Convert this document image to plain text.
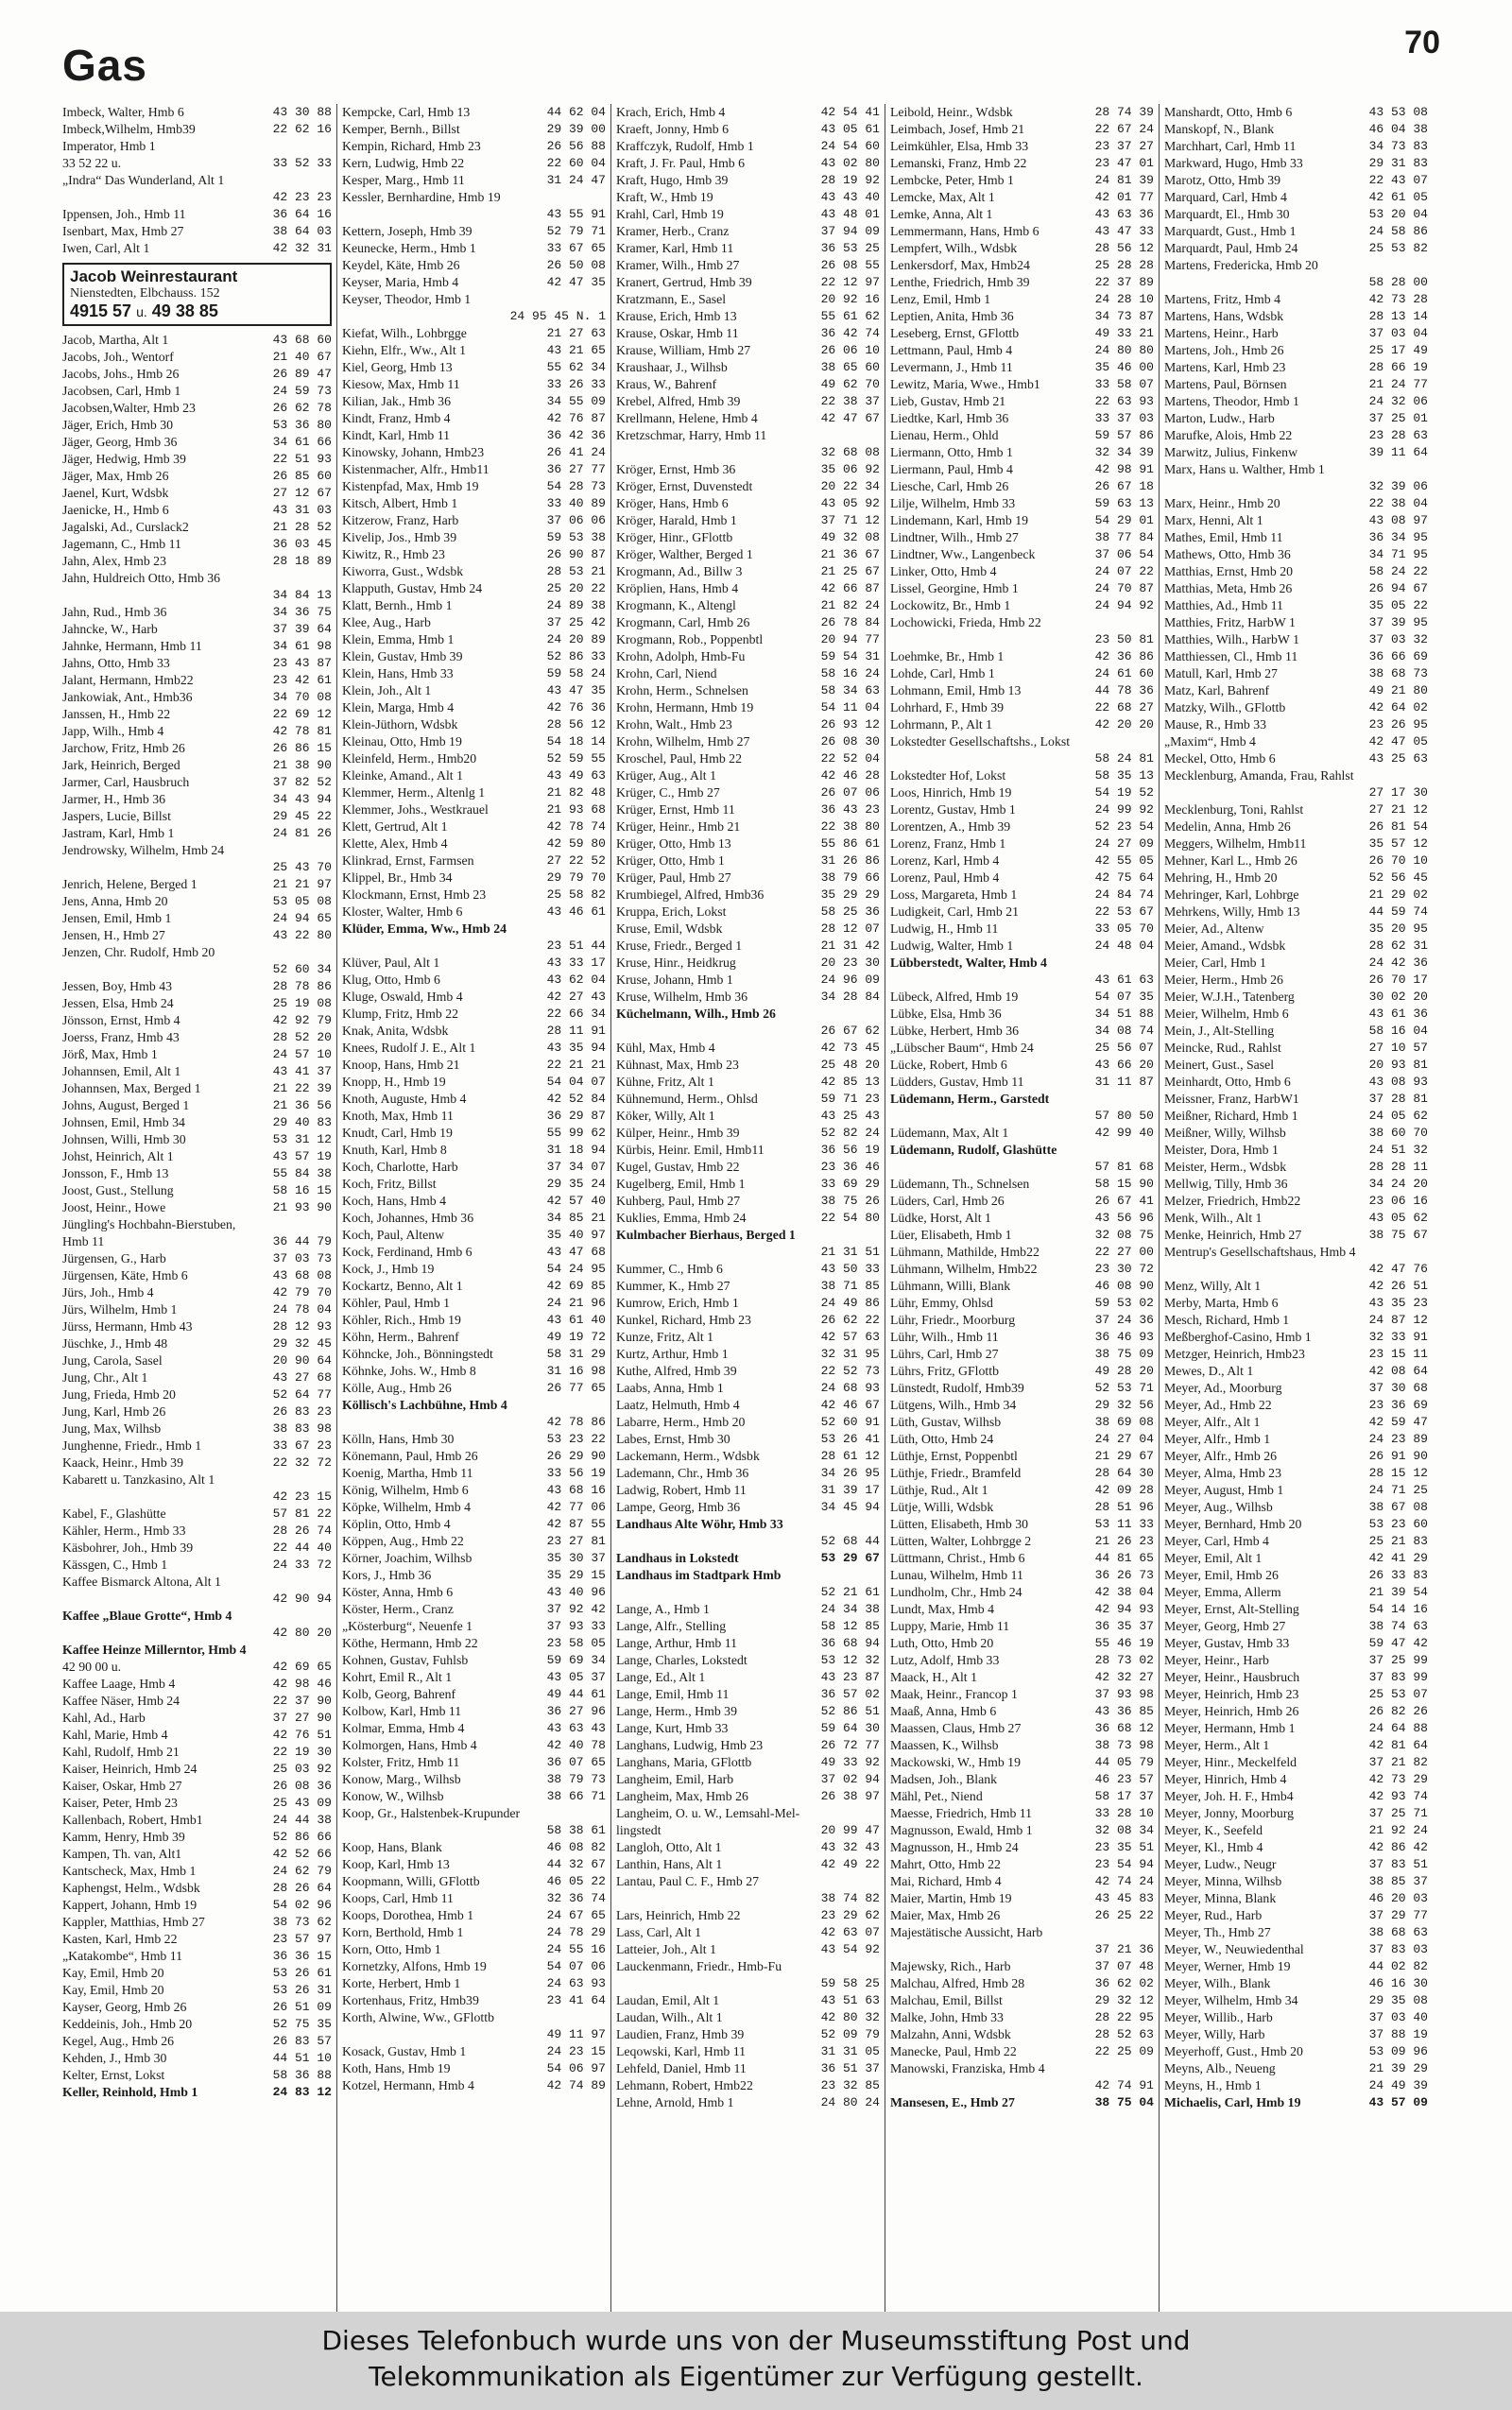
Gas	70
Imbeck, Walter, Hmb 6	43 30 88
Imbeck,Wilhelm, Hmb39	22 62 16
Imperator, Hmb 1
33 52 22 u.	33 52 33
„Indra“ Das Wunderland, Alt 1
42 23 23
Ippensen, Joh., Hmb 11	36 64 16
Isenbart, Max, Hmb 27	38 64 03
Iwen, Carl, Alt 1	42 32 31
Jacob Weinrestaurant
Nienstedten, Elbchauss. 152
4915 57 u. 49 38 85
Jacob, Martha, Alt 1	43 68 60
Jacobs, Joh., Wentorf	21 40 67
Jacobs, Johs., Hmb 26	26 89 47
Jacobsen, Carl, Hmb 1	24 59 73
Jacobsen,Walter, Hmb 23	26 62 78
Jäger, Erich, Hmb 30	53 36 80
Jäger, Georg, Hmb 36	34 61 66
Jäger, Hedwig, Hmb 39	22 51 93
Jäger, Max, Hmb 26	26 85 60
Jaenel, Kurt, Wdsbk	27 12 67
Jaenicke, H., Hmb 6	43 31 03
Jagalski, Ad., Curslack2	21 28 52
Jagemann, C., Hmb 11	36 03 45
Jahn, Alex, Hmb 23	28 18 89
Jahn, Huldreich Otto, Hmb 36
34 84 13
Jahn, Rud., Hmb 36	34 36 75
Jahncke, W., Harb	37 39 64
Jahnke, Hermann, Hmb 11	34 61 98
Jahns, Otto, Hmb 33	23 43 87
Jalant, Hermann, Hmb22	23 42 61
Jankowiak, Ant., Hmb36	34 70 08
Janssen, H., Hmb 22	22 69 12
Japp, Wilh., Hmb 4	42 78 81
Jarchow, Fritz, Hmb 26	26 86 15
Jark, Heinrich, Berged	21 38 90
Jarmer, Carl, Hausbruch	37 82 52
Jarmer, H., Hmb 36	34 43 94
Jaspers, Lucie, Billst	29 45 22
Jastram, Karl, Hmb 1	24 81 26
Jendrowsky, Wilhelm, Hmb 24
25 43 70
Jenrich, Helene, Berged 1	21 21 97
Jens, Anna, Hmb 20	53 05 08
Jensen, Emil, Hmb 1	24 94 65
Jensen, H., Hmb 27	43 22 80
Jenzen, Chr. Rudolf, Hmb 20
52 60 34
Jessen, Boy, Hmb 43	28 78 86
Jessen, Elsa, Hmb 24	25 19 08
Jönsson, Ernst, Hmb 4	42 92 79
Joerss, Franz, Hmb 43	28 52 20
Jörß, Max, Hmb 1	24 57 10
Johannsen, Emil, Alt 1	43 41 37
Johannsen, Max, Berged 1	21 22 39
Johns, August, Berged 1	21 36 56
Johnsen, Emil, Hmb 34	29 40 83
Johnsen, Willi, Hmb 30	53 31 12
Johst, Heinrich, Alt 1	43 57 19
Jonsson, F., Hmb 13	55 84 38
Joost, Gust., Stellung	58 16 15
Joost, Heinr., Howe	21 93 90
Jüngling's Hochbahn-Bierstuben,
Hmb 11	36 44 79
Jürgensen, G., Harb	37 03 73
Jürgensen, Käte, Hmb 6	43 68 08
Jürs, Joh., Hmb 4	42 79 70
Jürs, Wilhelm, Hmb 1	24 78 04
Jürss, Hermann, Hmb 43	28 12 93
Jüschke, J., Hmb 48	29 32 45
Jung, Carola, Sasel	20 90 64
Jung, Chr., Alt 1	43 27 68
Jung, Frieda, Hmb 20	52 64 77
Jung, Karl, Hmb 26	26 83 23
Jung, Max, Wilhsb	38 83 98
Junghenne, Friedr., Hmb 1	33 67 23
Kaack, Heinr., Hmb 39	22 32 72
Kabarett u. Tanzkasino, Alt 1
42 23 15
Kabel, F., Glashütte	57 81 22
Kähler, Herm., Hmb 33	28 26 74
Käsbohrer, Joh., Hmb 39	22 44 40
Kässgen, C., Hmb 1	24 33 72
Kaffee Bismarck Altona, Alt 1
42 90 94
Kaffee „Blaue Grotte“, Hmb 4
42 80 20
Kaffee Heinze Millerntor, Hmb 4
42 90 00 u.	42 69 65
Kaffee Laage, Hmb 4	42 98 46
Kaffee Näser, Hmb 24	22 37 90
Kahl, Ad., Harb	37 27 90
Kahl, Marie, Hmb 4	42 76 51
Kahl, Rudolf, Hmb 21	22 19 30
Kaiser, Heinrich, Hmb 24	25 03 92
Kaiser, Oskar, Hmb 27	26 08 36
Kaiser, Peter, Hmb 23	25 43 09
Kallenbach, Robert, Hmb1	24 44 38
Kamm, Henry, Hmb 39	52 86 66
Kampen, Th. van, Alt1	42 52 66
Kantscheck, Max, Hmb 1	24 62 79
Kaphengst, Helm., Wdsbk	28 26 64
Kappert, Johann, Hmb 19	54 02 96
Kappler, Matthias, Hmb 27	38 73 62
Kasten, Karl, Hmb 22	23 57 97
„Katakombe“, Hmb 11	36 36 15
Kay, Emil, Hmb 20	53 26 61
Kay, Emil, Hmb 20	53 26 31
Kayser, Georg, Hmb 26	26 51 09
Keddeinis, Joh., Hmb 20	52 75 35
Kegel, Aug., Hmb 26	26 83 57
Kehden, J., Hmb 30	44 51 10
Kelter, Ernst, Lokst	58 36 88
Keller, Reinhold, Hmb 1	24 83 12
Kempcke, Carl, Hmb 13	44 62 04
Kemper, Bernh., Billst	29 39 00
Kempin, Richard, Hmb 23	26 56 88
Kern, Ludwig, Hmb 22	22 60 04
Kesper, Marg., Hmb 11	31 24 47
Kessler, Bernhardine, Hmb 19
43 55 91
Kettern, Joseph, Hmb 39	52 79 71
Keunecke, Herm., Hmb 1	33 67 65
Keydel, Käte, Hmb 26	26 50 08
Keyser, Maria, Hmb 4	42 47 35
Keyser, Theodor, Hmb 1
24 95 45 N. 1
Kiefat, Wilh., Lohbrgge	21 27 63
Kiehn, Elfr., Ww., Alt 1	43 21 65
Kiel, Georg, Hmb 13	55 62 34
Kiesow, Max, Hmb 11	33 26 33
Kilian, Jak., Hmb 36	34 55 09
Kindt, Franz, Hmb 4	42 76 87
Kindt, Karl, Hmb 11	36 42 36
Kinowsky, Johann, Hmb23	26 41 24
Kistenmacher, Alfr., Hmb11	36 27 77
Kistenpfad, Max, Hmb 19	54 28 73
Kitsch, Albert, Hmb 1	33 40 89
Kitzerow, Franz, Harb	37 06 06
Kivelip, Jos., Hmb 39	59 53 38
Kiwitz, R., Hmb 23	26 90 87
Kiworra, Gust., Wdsbk	28 53 21
Klapputh, Gustav, Hmb 24	25 20 22
Klatt, Bernh., Hmb 1	24 89 38
Klee, Aug., Harb	37 25 42
Klein, Emma, Hmb 1	24 20 89
Klein, Gustav, Hmb 39	52 86 33
Klein, Hans, Hmb 33	59 58 24
Klein, Joh., Alt 1	43 47 35
Klein, Marga, Hmb 4	42 76 36
Klein-Jüthorn, Wdsbk	28 56 12
Kleinau, Otto, Hmb 19	54 18 14
Kleinfeld, Herm., Hmb20	52 59 55
Kleinke, Amand., Alt 1	43 49 63
Klemmer, Herm., Altenlg 1	21 82 48
Klemmer, Johs., Westkrauel	21 93 68
Klett, Gertrud, Alt 1	42 78 74
Klette, Alex, Hmb 4	42 59 80
Klinkrad, Ernst, Farmsen	27 22 52
Klippel, Br., Hmb 34	29 79 70
Klockmann, Ernst, Hmb 23	25 58 82
Kloster, Walter, Hmb 6	43 46 61
Klüder, Emma, Ww., Hmb 24
23 51 44
Klüver, Paul, Alt 1	43 33 17
Klug, Otto, Hmb 6	43 62 04
Kluge, Oswald, Hmb 4	42 27 43
Klump, Fritz, Hmb 22	22 66 34
Knak, Anita, Wdsbk	28 11 91
Knees, Rudolf J. E., Alt 1	43 35 94
Knoop, Hans, Hmb 21	22 21 21
Knopp, H., Hmb 19	54 04 07
Knoth, Auguste, Hmb 4	42 52 84
Knoth, Max, Hmb 11	36 29 87
Knudt, Carl, Hmb 19	55 99 62
Knuth, Karl, Hmb 8	31 18 94
Koch, Charlotte, Harb	37 34 07
Koch, Fritz, Billst	29 35 24
Koch, Hans, Hmb 4	42 57 40
Koch, Johannes, Hmb 36	34 85 21
Koch, Paul, Altenw	35 40 97
Kock, Ferdinand, Hmb 6	43 47 68
Kock, J., Hmb 19	54 24 95
Kockartz, Benno, Alt 1	42 69 85
Köhler, Paul, Hmb 1	24 21 96
Köhler, Rich., Hmb 19	43 61 40
Köhn, Herm., Bahrenf	49 19 72
Köhncke, Joh., Bönningstedt	58 31 29
Köhnke, Johs. W., Hmb 8	31 16 98
Kölle, Aug., Hmb 26	26 77 65
Köllisch's Lachbühne, Hmb 4
42 78 86
Kölln, Hans, Hmb 30	53 23 22
Könemann, Paul, Hmb 26	26 29 90
Koenig, Martha, Hmb 11	33 56 19
König, Wilhelm, Hmb 6	43 68 16
Köpke, Wilhelm, Hmb 4	42 77 06
Köplin, Otto, Hmb 4	42 87 55
Köppen, Aug., Hmb 22	23 27 81
Körner, Joachim, Wilhsb	35 30 37
Kors, J., Hmb 36	35 29 15
Köster, Anna, Hmb 6	43 40 96
Köster, Herm., Cranz	37 92 42
„Kösterburg“, Neuenfe 1	37 93 33
Köthe, Hermann, Hmb 22	23 58 05
Kohnen, Gustav, Fuhlsb	59 69 34
Kohrt, Emil R., Alt 1	43 05 37
Kolb, Georg, Bahrenf	49 44 61
Kolbow, Karl, Hmb 11	36 27 96
Kolmar, Emma, Hmb 4	43 63 43
Kolmorgen, Hans, Hmb 4	42 40 78
Kolster, Fritz, Hmb 11	36 07 65
Konow, Marg., Wilhsb	38 79 73
Konow, W., Wilhsb	38 66 71
Koop, Gr., Halstenbek-Krupunder
58 38 61
Koop, Hans, Blank	46 08 82
Koop, Karl, Hmb 13	44 32 67
Koopmann, Willi, GFlottb	46 05 22
Koops, Carl, Hmb 11	32 36 74
Koops, Dorothea, Hmb 1	24 67 65
Korn, Berthold, Hmb 1	24 78 29
Korn, Otto, Hmb 1	24 55 16
Kornetzky, Alfons, Hmb 19	54 07 06
Korte, Herbert, Hmb 1	24 63 93
Kortenhaus, Fritz, Hmb39	23 41 64
Korth, Alwine, Ww., GFlottb
49 11 97
Kosack, Gustav, Hmb 1	24 23 15
Koth, Hans, Hmb 19	54 06 97
Kotzel, Hermann, Hmb 4	42 74 89
Krach, Erich, Hmb 4	42 54 41
Kraeft, Jonny, Hmb 6	43 05 61
Kraffczyk, Rudolf, Hmb 1	24 54 60
Kraft, J. Fr. Paul, Hmb 6	43 02 80
Kraft, Hugo, Hmb 39	28 19 92
Kraft, W., Hmb 19	43 43 40
Krahl, Carl, Hmb 19	43 48 01
Kramer, Herb., Cranz	37 94 09
Kramer, Karl, Hmb 11	36 53 25
Kramer, Wilh., Hmb 27	26 08 55
Kranert, Gertrud, Hmb 39	22 12 97
Kratzmann, E., Sasel	20 92 16
Krause, Erich, Hmb 13	55 61 62
Krause, Oskar, Hmb 11	36 42 74
Krause, William, Hmb 27	26 06 10
Kraushaar, J., Wilhsb	38 65 60
Kraus, W., Bahrenf	49 62 70
Krebel, Alfred, Hmb 39	22 38 37
Krellmann, Helene, Hmb 4	42 47 67
Kretzschmar, Harry, Hmb 11
32 68 08
Kröger, Ernst, Hmb 36	35 06 92
Kröger, Ernst, Duvenstedt	20 22 34
Kröger, Hans, Hmb 6	43 05 92
Kröger, Harald, Hmb 1	37 71 12
Kröger, Hinr., GFlottb	49 32 08
Kröger, Walther, Berged 1	21 36 67
Krogmann, Ad., Billw 3	21 25 67
Kröplien, Hans, Hmb 4	42 66 87
Krogmann, K., Altengl	21 82 24
Krogmann, Carl, Hmb 26	26 78 84
Krogmann, Rob., Poppenbtl	20 94 77
Krohn, Adolph, Hmb-Fu	59 54 31
Krohn, Carl, Niend	58 16 24
Krohn, Herm., Schnelsen	58 34 63
Krohn, Hermann, Hmb 19	54 11 04
Krohn, Walt., Hmb 23	26 93 12
Krohn, Wilhelm, Hmb 27	26 08 30
Kroschel, Paul, Hmb 22	22 52 04
Krüger, Aug., Alt 1	42 46 28
Krüger, C., Hmb 27	26 07 06
Krüger, Ernst, Hmb 11	36 43 23
Krüger, Heinr., Hmb 21	22 38 80
Krüger, Otto, Hmb 13	55 86 61
Krüger, Otto, Hmb 1	31 26 86
Krüger, Paul, Hmb 27	38 79 66
Krumbiegel, Alfred, Hmb36	35 29 29
Kruppa, Erich, Lokst	58 25 36
Kruse, Emil, Wdsbk	28 12 07
Kruse, Friedr., Berged 1	21 31 42
Kruse, Hinr., Heidkrug	20 23 30
Kruse, Johann, Hmb 1	24 96 09
Kruse, Wilhelm, Hmb 36	34 28 84
Küchelmann, Wilh., Hmb 26
26 67 62
Kühl, Max, Hmb 4	42 73 45
Kühnast, Max, Hmb 23	25 48 20
Kühne, Fritz, Alt 1	42 85 13
Kühnemund, Herm., Ohlsd	59 71 23
Köker, Willy, Alt 1	43 25 43
Külper, Heinr., Hmb 39	52 82 24
Kürbis, Heinr. Emil, Hmb11	36 56 19
Kugel, Gustav, Hmb 22	23 36 46
Kugelberg, Emil, Hmb 1	33 69 29
Kuhberg, Paul, Hmb 27	38 75 26
Kuklies, Emma, Hmb 24	22 54 80
Kulmbacher Bierhaus, Berged 1
21 31 51
Kummer, C., Hmb 6	43 50 33
Kummer, K., Hmb 27	38 71 85
Kumrow, Erich, Hmb 1	24 49 86
Kunkel, Richard, Hmb 23	26 62 22
Kunze, Fritz, Alt 1	42 57 63
Kurtz, Arthur, Hmb 1	32 31 95
Kuthe, Alfred, Hmb 39	22 52 73
Laabs, Anna, Hmb 1	24 68 93
Laatz, Helmuth, Hmb 4	42 46 67
Labarre, Herm., Hmb 20	52 60 91
Labes, Ernst, Hmb 30	53 26 41
Lackemann, Herm., Wdsbk	28 61 12
Lademann, Chr., Hmb 36	34 26 95
Ladwig, Robert, Hmb 11	31 39 17
Lampe, Georg, Hmb 36	34 45 94
Landhaus Alte Wöhr, Hmb 33
52 68 44
Landhaus in Lokstedt	53 29 67
Landhaus im Stadtpark Hmb
52 21 61
Lange, A., Hmb 1	24 34 38
Lange, Alfr., Stelling	58 12 85
Lange, Arthur, Hmb 11	36 68 94
Lange, Charles, Lokstedt	53 12 32
Lange, Ed., Alt 1	43 23 87
Lange, Emil, Hmb 11	36 57 02
Lange, Herm., Hmb 39	52 86 51
Lange, Kurt, Hmb 33	59 64 30
Langhans, Ludwig, Hmb 23	26 72 77
Langhans, Maria, GFlottb	49 33 92
Langheim, Emil, Harb	37 02 94
Langheim, Max, Hmb 26	26 38 97
Langheim, O. u. W., Lemsahl-Mel-
lingstedt	20 99 47
Langloh, Otto, Alt 1	43 32 43
Lanthin, Hans, Alt 1	42 49 22
Lantau, Paul C. F., Hmb 27
38 74 82
Lars, Heinrich, Hmb 22	23 29 62
Lass, Carl, Alt 1	42 63 07
Latteier, Joh., Alt 1	43 54 92
Lauckenmann, Friedr., Hmb-Fu
59 58 25
Laudan, Emil, Alt 1	43 51 63
Laudan, Wilh., Alt 1	42 80 32
Laudien, Franz, Hmb 39	52 09 79
Leqowski, Karl, Hmb 11	31 31 05
Lehfeld, Daniel, Hmb 11	36 51 37
Lehmann, Robert, Hmb22	23 32 85
Lehne, Arnold, Hmb 1	24 80 24
Leibold, Heinr., Wdsbk	28 74 39
Leimbach, Josef, Hmb 21	22 67 24
Leimkühler, Elsa, Hmb 33	23 37 27
Lemanski, Franz, Hmb 22	23 47 01
Lembcke, Peter, Hmb 1	24 81 39
Lemcke, Max, Alt 1	42 01 77
Lemke, Anna, Alt 1	43 63 36
Lemmermann, Hans, Hmb 6	43 47 33
Lempfert, Wilh., Wdsbk	28 56 12
Lenkersdorf, Max, Hmb24	25 28 28
Lenthe, Friedrich, Hmb 39	22 37 89
Lenz, Emil, Hmb 1	24 28 10
Leptien, Anita, Hmb 36	34 73 87
Leseberg, Ernst, GFlottb	49 33 21
Lettmann, Paul, Hmb 4	24 80 80
Levermann, J., Hmb 11	35 46 00
Lewitz, Maria, Wwe., Hmb1	33 58 07
Lieb, Gustav, Hmb 21	22 63 93
Liedtke, Karl, Hmb 36	33 37 03
Lienau, Herm., Ohld	59 57 86
Liermann, Otto, Hmb 1	32 34 39
Liermann, Paul, Hmb 4	42 98 91
Liesche, Carl, Hmb 26	26 67 18
Lilje, Wilhelm, Hmb 33	59 63 13
Lindemann, Karl, Hmb 19	54 29 01
Lindtner, Wilh., Hmb 27	38 77 84
Lindtner, Ww., Langenbeck	37 06 54
Linker, Otto, Hmb 4	24 07 22
Lissel, Georgine, Hmb 1	24 70 87
Lockowitz, Br., Hmb 1	24 94 92
Lochowicki, Frieda, Hmb 22
23 50 81
Loehmke, Br., Hmb 1	42 36 86
Lohde, Carl, Hmb 1	24 61 60
Lohmann, Emil, Hmb 13	44 78 36
Lohrhard, F., Hmb 39	22 68 27
Lohrmann, P., Alt 1	42 20 20
Lokstedter Gesellschaftshs., Lokst
58 24 81
Lokstedter Hof, Lokst	58 35 13
Loos, Hinrich, Hmb 19	54 19 52
Lorentz, Gustav, Hmb 1	24 99 92
Lorentzen, A., Hmb 39	52 23 54
Lorenz, Franz, Hmb 1	24 27 09
Lorenz, Karl, Hmb 4	42 55 05
Lorenz, Paul, Hmb 4	42 75 64
Loss, Margareta, Hmb 1	24 84 74
Ludigkeit, Carl, Hmb 21	22 53 67
Ludwig, H., Hmb 11	33 05 70
Ludwig, Walter, Hmb 1	24 48 04
Lübberstedt, Walter, Hmb 4
43 61 63
Lübeck, Alfred, Hmb 19	54 07 35
Lübke, Elsa, Hmb 36	34 51 88
Lübke, Herbert, Hmb 36	34 08 74
„Lübscher Baum“, Hmb 24	25 56 07
Lücke, Robert, Hmb 6	43 66 20
Lüdders, Gustav, Hmb 11	31 11 87
Lüdemann, Herm., Garstedt
57 80 50
Lüdemann, Max, Alt 1	42 99 40
Lüdemann, Rudolf, Glashütte
57 81 68
Lüdemann, Th., Schnelsen	58 15 90
Lüders, Carl, Hmb 26	26 67 41
Lüdke, Horst, Alt 1	43 56 96
Lüer, Elisabeth, Hmb 1	32 08 75
Lühmann, Mathilde, Hmb22	22 27 00
Lühmann, Wilhelm, Hmb22	23 30 72
Lühmann, Willi, Blank	46 08 90
Lühr, Emmy, Ohlsd	59 53 02
Lühr, Friedr., Moorburg	37 24 36
Lühr, Wilh., Hmb 11	36 46 93
Lührs, Carl, Hmb 27	38 75 09
Lührs, Fritz, GFlottb	49 28 20
Lünstedt, Rudolf, Hmb39	52 53 71
Lütgens, Wilh., Hmb 34	29 32 56
Lüth, Gustav, Wilhsb	38 69 08
Lüth, Otto, Hmb 24	24 27 04
Lüthje, Ernst, Poppenbtl	21 29 67
Lüthje, Friedr., Bramfeld	28 64 30
Lüthje, Rud., Alt 1	42 09 28
Lütje, Willi, Wdsbk	28 51 96
Lütten, Elisabeth, Hmb 30	53 11 33
Lütten, Walter, Lohbrgge 2	21 26 23
Lüttmann, Christ., Hmb 6	44 81 65
Lunau, Wilhelm, Hmb 11	36 26 73
Lundholm, Chr., Hmb 24	42 38 04
Lundt, Max, Hmb 4	42 94 93
Luppy, Marie, Hmb 11	36 35 37
Luth, Otto, Hmb 20	55 46 19
Lutz, Adolf, Hmb 33	28 73 02
Maack, H., Alt 1	42 32 27
Maak, Heinr., Francop 1	37 93 98
Maaß, Anna, Hmb 6	43 36 85
Maassen, Claus, Hmb 27	36 68 12
Maassen, K., Wilhsb	38 73 98
Mackowski, W., Hmb 19	44 05 79
Madsen, Joh., Blank	46 23 57
Mähl, Pet., Niend	58 17 37
Maesse, Friedrich, Hmb 11	33 28 10
Magnusson, Ewald, Hmb 1	32 08 34
Magnusson, H., Hmb 24	23 35 51
Mahrt, Otto, Hmb 22	23 54 94
Mai, Richard, Hmb 4	42 74 24
Maier, Martin, Hmb 19	43 45 83
Maier, Max, Hmb 26	26 25 22
Majestätische Aussicht, Harb
37 21 36
Majewsky, Rich., Harb	37 07 48
Malchau, Alfred, Hmb 28	36 62 02
Malchau, Emil, Billst	29 32 12
Malke, John, Hmb 33	28 22 95
Malzahn, Anni, Wdsbk	28 52 63
Manecke, Paul, Hmb 22	22 25 09
Manowski, Franziska, Hmb 4
42 74 91
Mansesen, E., Hmb 27	38 75 04
Manshardt, Otto, Hmb 6	43 53 08
Manskopf, N., Blank	46 04 38
Marchhart, Carl, Hmb 11	34 73 83
Markward, Hugo, Hmb 33	29 31 83
Marotz, Otto, Hmb 39	22 43 07
Marquard, Carl, Hmb 4	42 61 05
Marquardt, El., Hmb 30	53 20 04
Marquardt, Gust., Hmb 1	24 58 86
Marquardt, Paul, Hmb 24	25 53 82
Martens, Fredericka, Hmb 20
58 28 00
Martens, Fritz, Hmb 4	42 73 28
Martens, Hans, Wdsbk	28 13 14
Martens, Heinr., Harb	37 03 04
Martens, Joh., Hmb 26	25 17 49
Martens, Karl, Hmb 23	28 66 19
Martens, Paul, Börnsen	21 24 77
Martens, Theodor, Hmb 1	24 32 06
Marton, Ludw., Harb	37 25 01
Marufke, Alois, Hmb 22	23 28 63
Marwitz, Julius, Finkenw	39 11 64
Marx, Hans u. Walther, Hmb 1
32 39 06
Marx, Heinr., Hmb 20	22 38 04
Marx, Henni, Alt 1	43 08 97
Mathes, Emil, Hmb 11	36 34 95
Mathews, Otto, Hmb 36	34 71 95
Matthias, Ernst, Hmb 20	58 24 22
Matthias, Meta, Hmb 26	26 94 67
Matthies, Ad., Hmb 11	35 05 22
Matthies, Fritz, HarbW 1	37 39 95
Matthies, Wilh., HarbW 1	37 03 32
Matthiessen, Cl., Hmb 11	36 66 69
Matull, Karl, Hmb 27	38 68 73
Matz, Karl, Bahrenf	49 21 80
Matzky, Wilh., GFlottb	42 64 02
Mause, R., Hmb 33	23 26 95
„Maxim“, Hmb 4	42 47 05
Meckel, Otto, Hmb 6	43 25 63
Mecklenburg, Amanda, Frau, Rahlst
27 17 30
Mecklenburg, Toni, Rahlst	27 21 12
Medelin, Anna, Hmb 26	26 81 54
Meggers, Wilhelm, Hmb11	35 57 12
Mehner, Karl L., Hmb 26	26 70 10
Mehring, H., Hmb 20	52 56 45
Mehringer, Karl, Lohbrge	21 29 02
Mehrkens, Willy, Hmb 13	44 59 74
Meier, Ad., Altenw	35 20 95
Meier, Amand., Wdsbk	28 62 31
Meier, Carl, Hmb 1	24 42 36
Meier, Herm., Hmb 26	26 70 17
Meier, W.J.H., Tatenberg	30 02 20
Meier, Wilhelm, Hmb 6	43 61 36
Mein, J., Alt-Stelling	58 16 04
Meincke, Rud., Rahlst	27 10 57
Meinert, Gust., Sasel	20 93 81
Meinhardt, Otto, Hmb 6	43 08 93
Meissner, Franz, HarbW1	37 28 81
Meißner, Richard, Hmb 1	24 05 62
Meißner, Willy, Wilhsb	38 60 70
Meister, Dora, Hmb 1	24 51 32
Meister, Herm., Wdsbk	28 28 11
Mellwig, Tilly, Hmb 36	34 24 20
Melzer, Friedrich, Hmb22	23 06 16
Menk, Wilh., Alt 1	43 05 62
Menke, Heinrich, Hmb 27	38 75 67
Mentrup's Gesellschaftshaus, Hmb 4
42 47 76
Menz, Willy, Alt 1	42 26 51
Merby, Marta, Hmb 6	43 35 23
Mesch, Richard, Hmb 1	24 87 12
Meßberghof-Casino, Hmb 1	32 33 91
Metzger, Heinrich, Hmb23	23 15 11
Mewes, D., Alt 1	42 08 64
Meyer, Ad., Moorburg	37 30 68
Meyer, Ad., Hmb 22	23 36 69
Meyer, Alfr., Alt 1	42 59 47
Meyer, Alfr., Hmb 1	24 23 89
Meyer, Alfr., Hmb 26	26 91 90
Meyer, Alma, Hmb 23	28 15 12
Meyer, August, Hmb 1	24 71 25
Meyer, Aug., Wilhsb	38 67 08
Meyer, Bernhard, Hmb 20	53 23 60
Meyer, Carl, Hmb 4	25 21 83
Meyer, Emil, Alt 1	42 41 29
Meyer, Emil, Hmb 26	26 33 83
Meyer, Emma, Allerm	21 39 54
Meyer, Ernst, Alt-Stelling	54 14 16
Meyer, Georg, Hmb 27	38 74 63
Meyer, Gustav, Hmb 33	59 47 42
Meyer, Heinr., Harb	37 25 99
Meyer, Heinr., Hausbruch	37 83 99
Meyer, Heinrich, Hmb 23	25 53 07
Meyer, Heinrich, Hmb 26	26 82 26
Meyer, Hermann, Hmb 1	24 64 88
Meyer, Herm., Alt 1	42 81 64
Meyer, Hinr., Meckelfeld	37 21 82
Meyer, Hinrich, Hmb 4	42 73 29
Meyer, Joh. H. F., Hmb4	42 93 74
Meyer, Jonny, Moorburg	37 25 71
Meyer, K., Seefeld	21 92 24
Meyer, Kl., Hmb 4	42 86 42
Meyer, Ludw., Neugr	37 83 51
Meyer, Minna, Wilhsb	38 85 37
Meyer, Minna, Blank	46 20 03
Meyer, Rud., Harb	37 29 77
Meyer, Th., Hmb 27	38 68 63
Meyer, W., Neuwiedenthal	37 83 03
Meyer, Werner, Hmb 19	44 02 82
Meyer, Wilh., Blank	46 16 30
Meyer, Wilhelm, Hmb 34	29 35 08
Meyer, Willib., Harb	37 03 40
Meyer, Willy, Harb	37 88 19
Meyerhoff, Gust., Hmb 20	53 09 96
Meyns, Alb., Neueng	21 39 29
Meyns, H., Hmb 1	24 49 39
Michaelis, Carl, Hmb 19	43 57 09
Dieses Telefonbuch wurde uns von der Museumsstiftung Post und
Telekommunikation als Eigentümer zur Verfügung gestellt.
